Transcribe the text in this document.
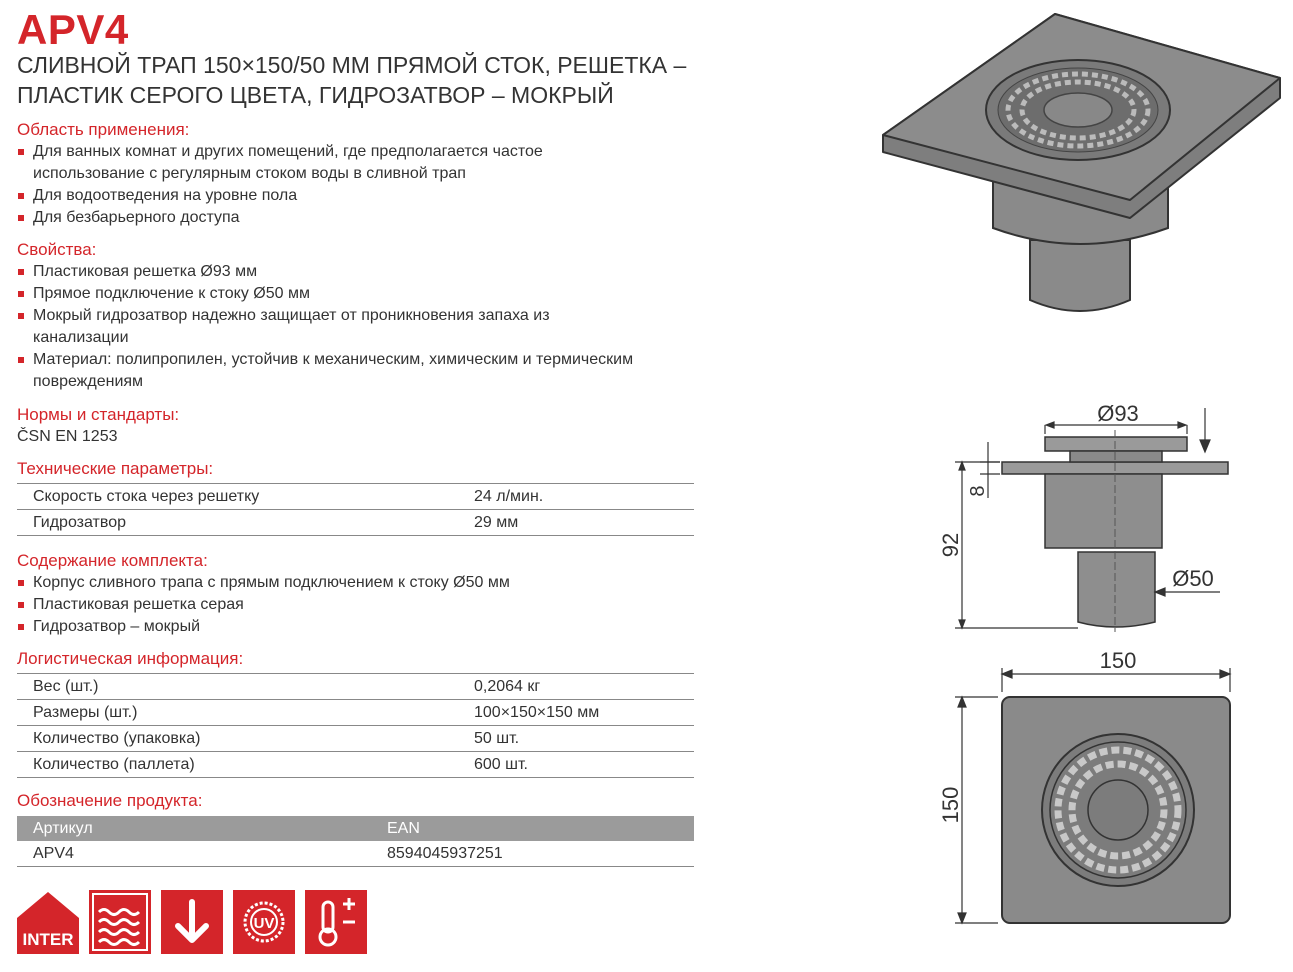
APV4
СЛИВНОЙ ТРАП 150×150/50 ММ ПРЯМОЙ СТОК, РЕШЕТКА –
ПЛАСТИК СЕРОГО ЦВЕТА, ГИДРОЗАТВОР – МОКРЫЙ
Область применения:
Для ванных комнат и других помещений, где предполагается частое использование с регулярным стоком воды в сливной трап
Для водоотведения на уровне пола
Для безбарьерного доступа
Свойства:
Пластиковая решетка Ø93 мм
Прямое подключение к стоку Ø50 мм
Мокрый гидрозатвор надежно защищает от проникновения запаха из канализации
Материал: полипропилен, устойчив к механическим, химическим и термическим повреждениям
Нормы и стандарты:
ČSN EN 1253
Технические параметры:
Скорость стока через решетку	24 л/мин.
Гидрозатвор	29 мм
Содержание комплекта:
Корпус сливного трапа с прямым подключением к стоку Ø50 мм
Пластиковая решетка серая
Гидрозатвор – мокрый
Логистическая информация:
Вес (шт.)	0,2064 кг
Размеры (шт.)	100×150×150 мм
Количество (упаковка)	50 шт.
Количество (паллета)	600 шт.
Обозначение продукта:
Артикул	EAN
APV4	8594045937251
INTER
UV
Ø93
Ø50
92
8
150
150
